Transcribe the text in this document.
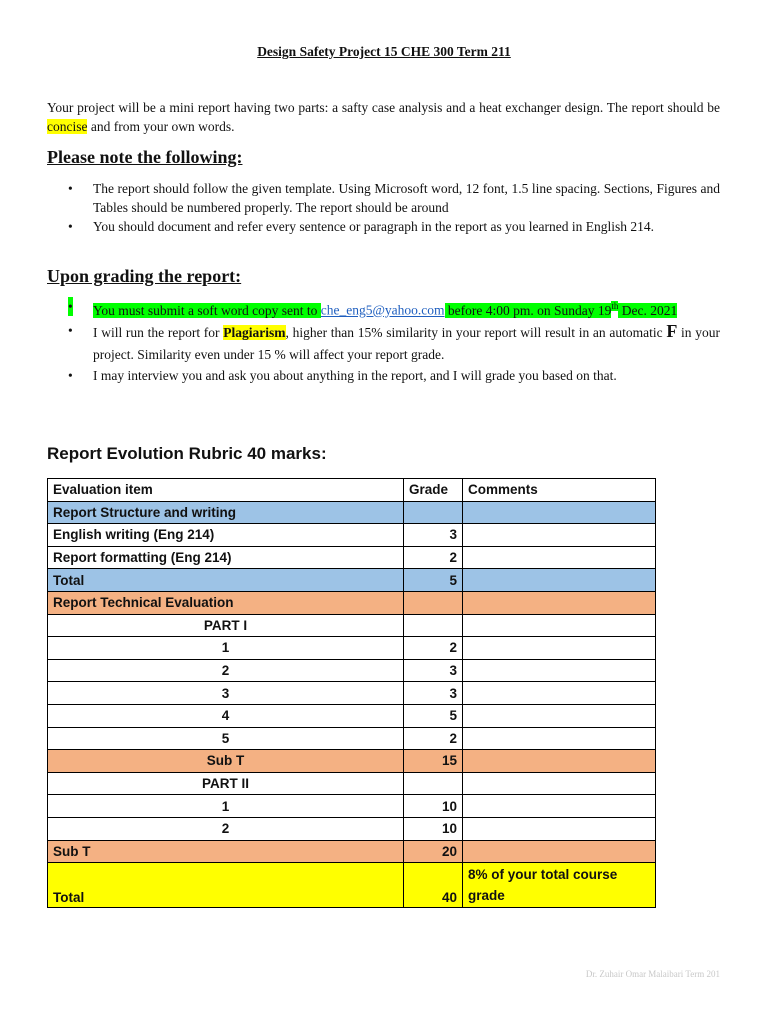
Design Safety Project 15 CHE 300 Term 211

Your project will be a mini report having two parts: a safty case analysis and a heat exchanger design. The report should be concise and from your own words.

Please note the following:
• The report should follow the given template. Using Microsoft word, 12 font, 1.5 line spacing. Sections, Figures and Tables should be numbered properly. The report should be around
• You should document and refer every sentence or paragraph in the report as you learned in English 214.
Upon grading the report:
• You must submit a soft word copy sent to che_eng5@yahoo.com before 4:00 pm. on Sunday 19th Dec. 2021
• I will run the report for Plagiarism, higher than 15% similarity in your report will result in an automatic F in your project. Similarity even under 15 % will affect your report grade.
• I may interview you and ask you about anything in the report, and I will grade you based on that.
Report Evolution Rubric 40 marks:
Evaluation item	Grade	Comments
Report Structure and writing		
English writing (Eng 214)	3	
Report formatting (Eng 214)	2	
Total	5	
Report Technical Evaluation		
PART I		
1	2	
2	3	
3	3	
4	5	
5	2	
Sub T	15	
PART II		
1	10	
2	10	
Sub T	20	
Total	40	8% of your total course grade
Dr. Zuhair Omar Malaibari Term 201
